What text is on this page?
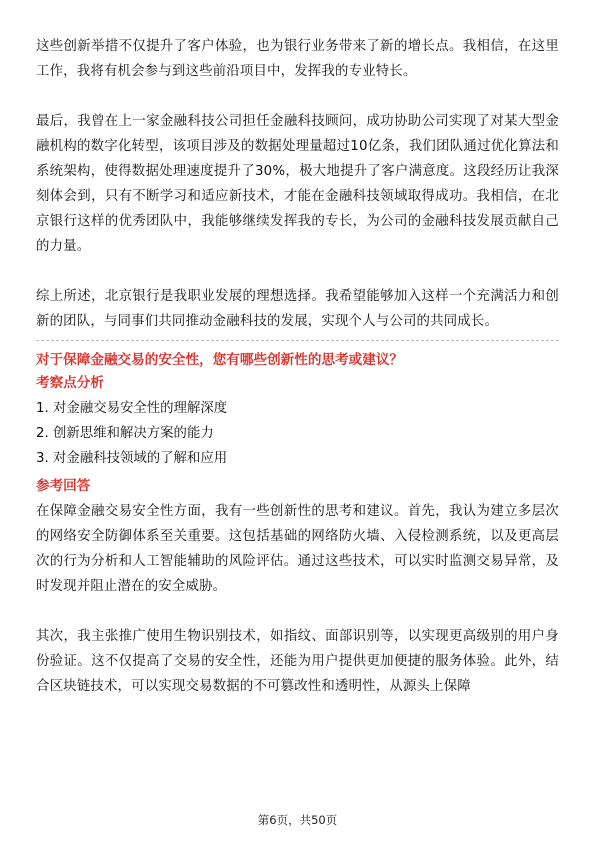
这些创新举措不仅提升了客户体验，也为银行业务带来了新的增长点。我相信，在这里工作，我将有机会参与到这些前沿项目中，发挥我的专业特长。

最后，我曾在上一家金融科技公司担任金融科技顾问，成功协助公司实现了对某大型金融机构的数字化转型，该项目涉及的数据处理量超过10亿条，我们团队通过优化算法和系统架构，使得数据处理速度提升了30%，极大地提升了客户满意度。这段经历让我深刻体会到，只有不断学习和适应新技术，才能在金融科技领域取得成功。我相信，在北京银行这样的优秀团队中，我能够继续发挥我的专长，为公司的金融科技发展贡献自己的力量。

综上所述，北京银行是我职业发展的理想选择。我希望能够加入这样一个充满活力和创新的团队，与同事们共同推动金融科技的发展，实现个人与公司的共同成长。

对于保障金融交易的安全性，您有哪些创新性的思考或建议？

考察点分析

1. 对金融交易安全性的理解深度

2. 创新思维和解决方案的能力

3. 对金融科技领域的了解和应用

参考回答

在保障金融交易安全性方面，我有一些创新性的思考和建议。首先，我认为建立多层次的网络安全防御体系至关重要。这包括基础的网络防火墙、入侵检测系统，以及更高层次的行为分析和人工智能辅助的风险评估。通过这些技术，可以实时监测交易异常，及时发现并阻止潜在的安全威胁。

其次，我主张推广使用生物识别技术，如指纹、面部识别等，以实现更高级别的用户身份验证。这不仅提高了交易的安全性，还能为用户提供更加便捷的服务体验。此外，结合区块链技术，可以实现交易数据的不可篡改性和透明性，从源头上保障

第6页，共50页
